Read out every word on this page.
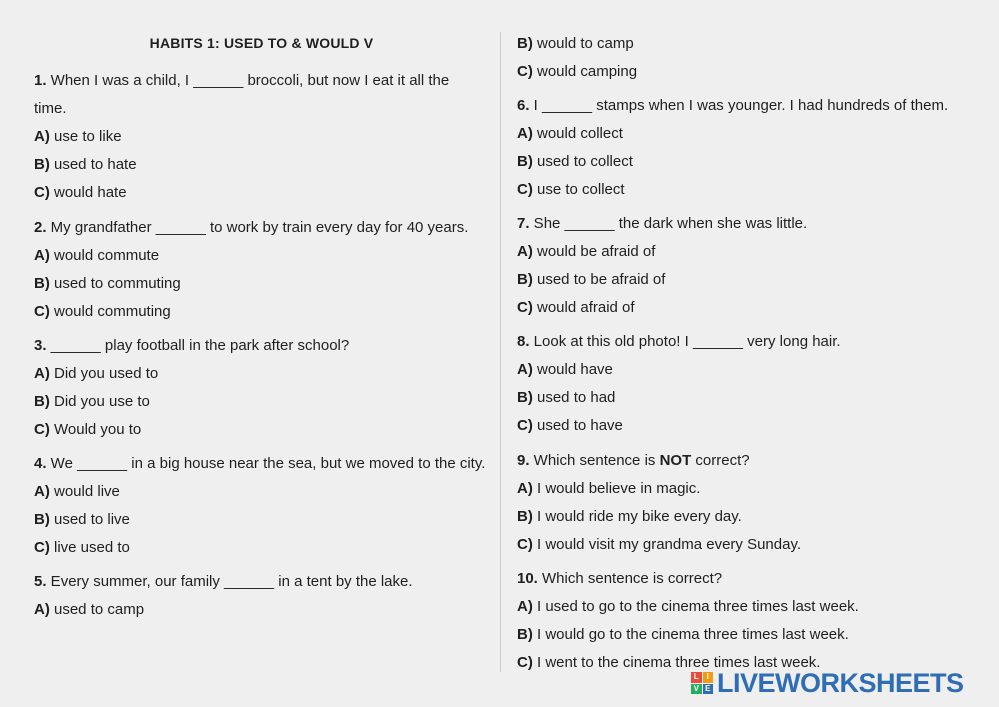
HABITS 1: USED TO & WOULD V
1. When I was a child, I ______ broccoli, but now I eat it all the
time.
A) use to like
B) used to hate
C) would hate
2. My grandfather ______ to work by train every day for 40 years.
A) would commute
B) used to commuting
C) would commuting
3. ______ play football in the park after school?
A) Did you used to
B) Did you use to
C) Would you to
4. We ______ in a big house near the sea, but we moved to the city.
A) would live
B) used to live
C) live used to
5. Every summer, our family ______ in a tent by the lake.
A) used to camp
B) would to camp
C) would camping
6. I ______ stamps when I was younger. I had hundreds of them.
A) would collect
B) used to collect
C) use to collect
7. She ______ the dark when she was little.
A) would be afraid of
B) used to be afraid of
C) would afraid of
8. Look at this old photo! I ______ very long hair.
A) would have
B) used to had
C) used to have
9. Which sentence is NOT correct?
A) I would believe in magic.
B) I would ride my bike every day.
C) I would visit my grandma every Sunday.
10. Which sentence is correct?
A) I used to go to the cinema three times last week.
B) I would go to the cinema three times last week.
C) I went to the cinema three times last week.
L I
V E LIVEWORKSHEETS
